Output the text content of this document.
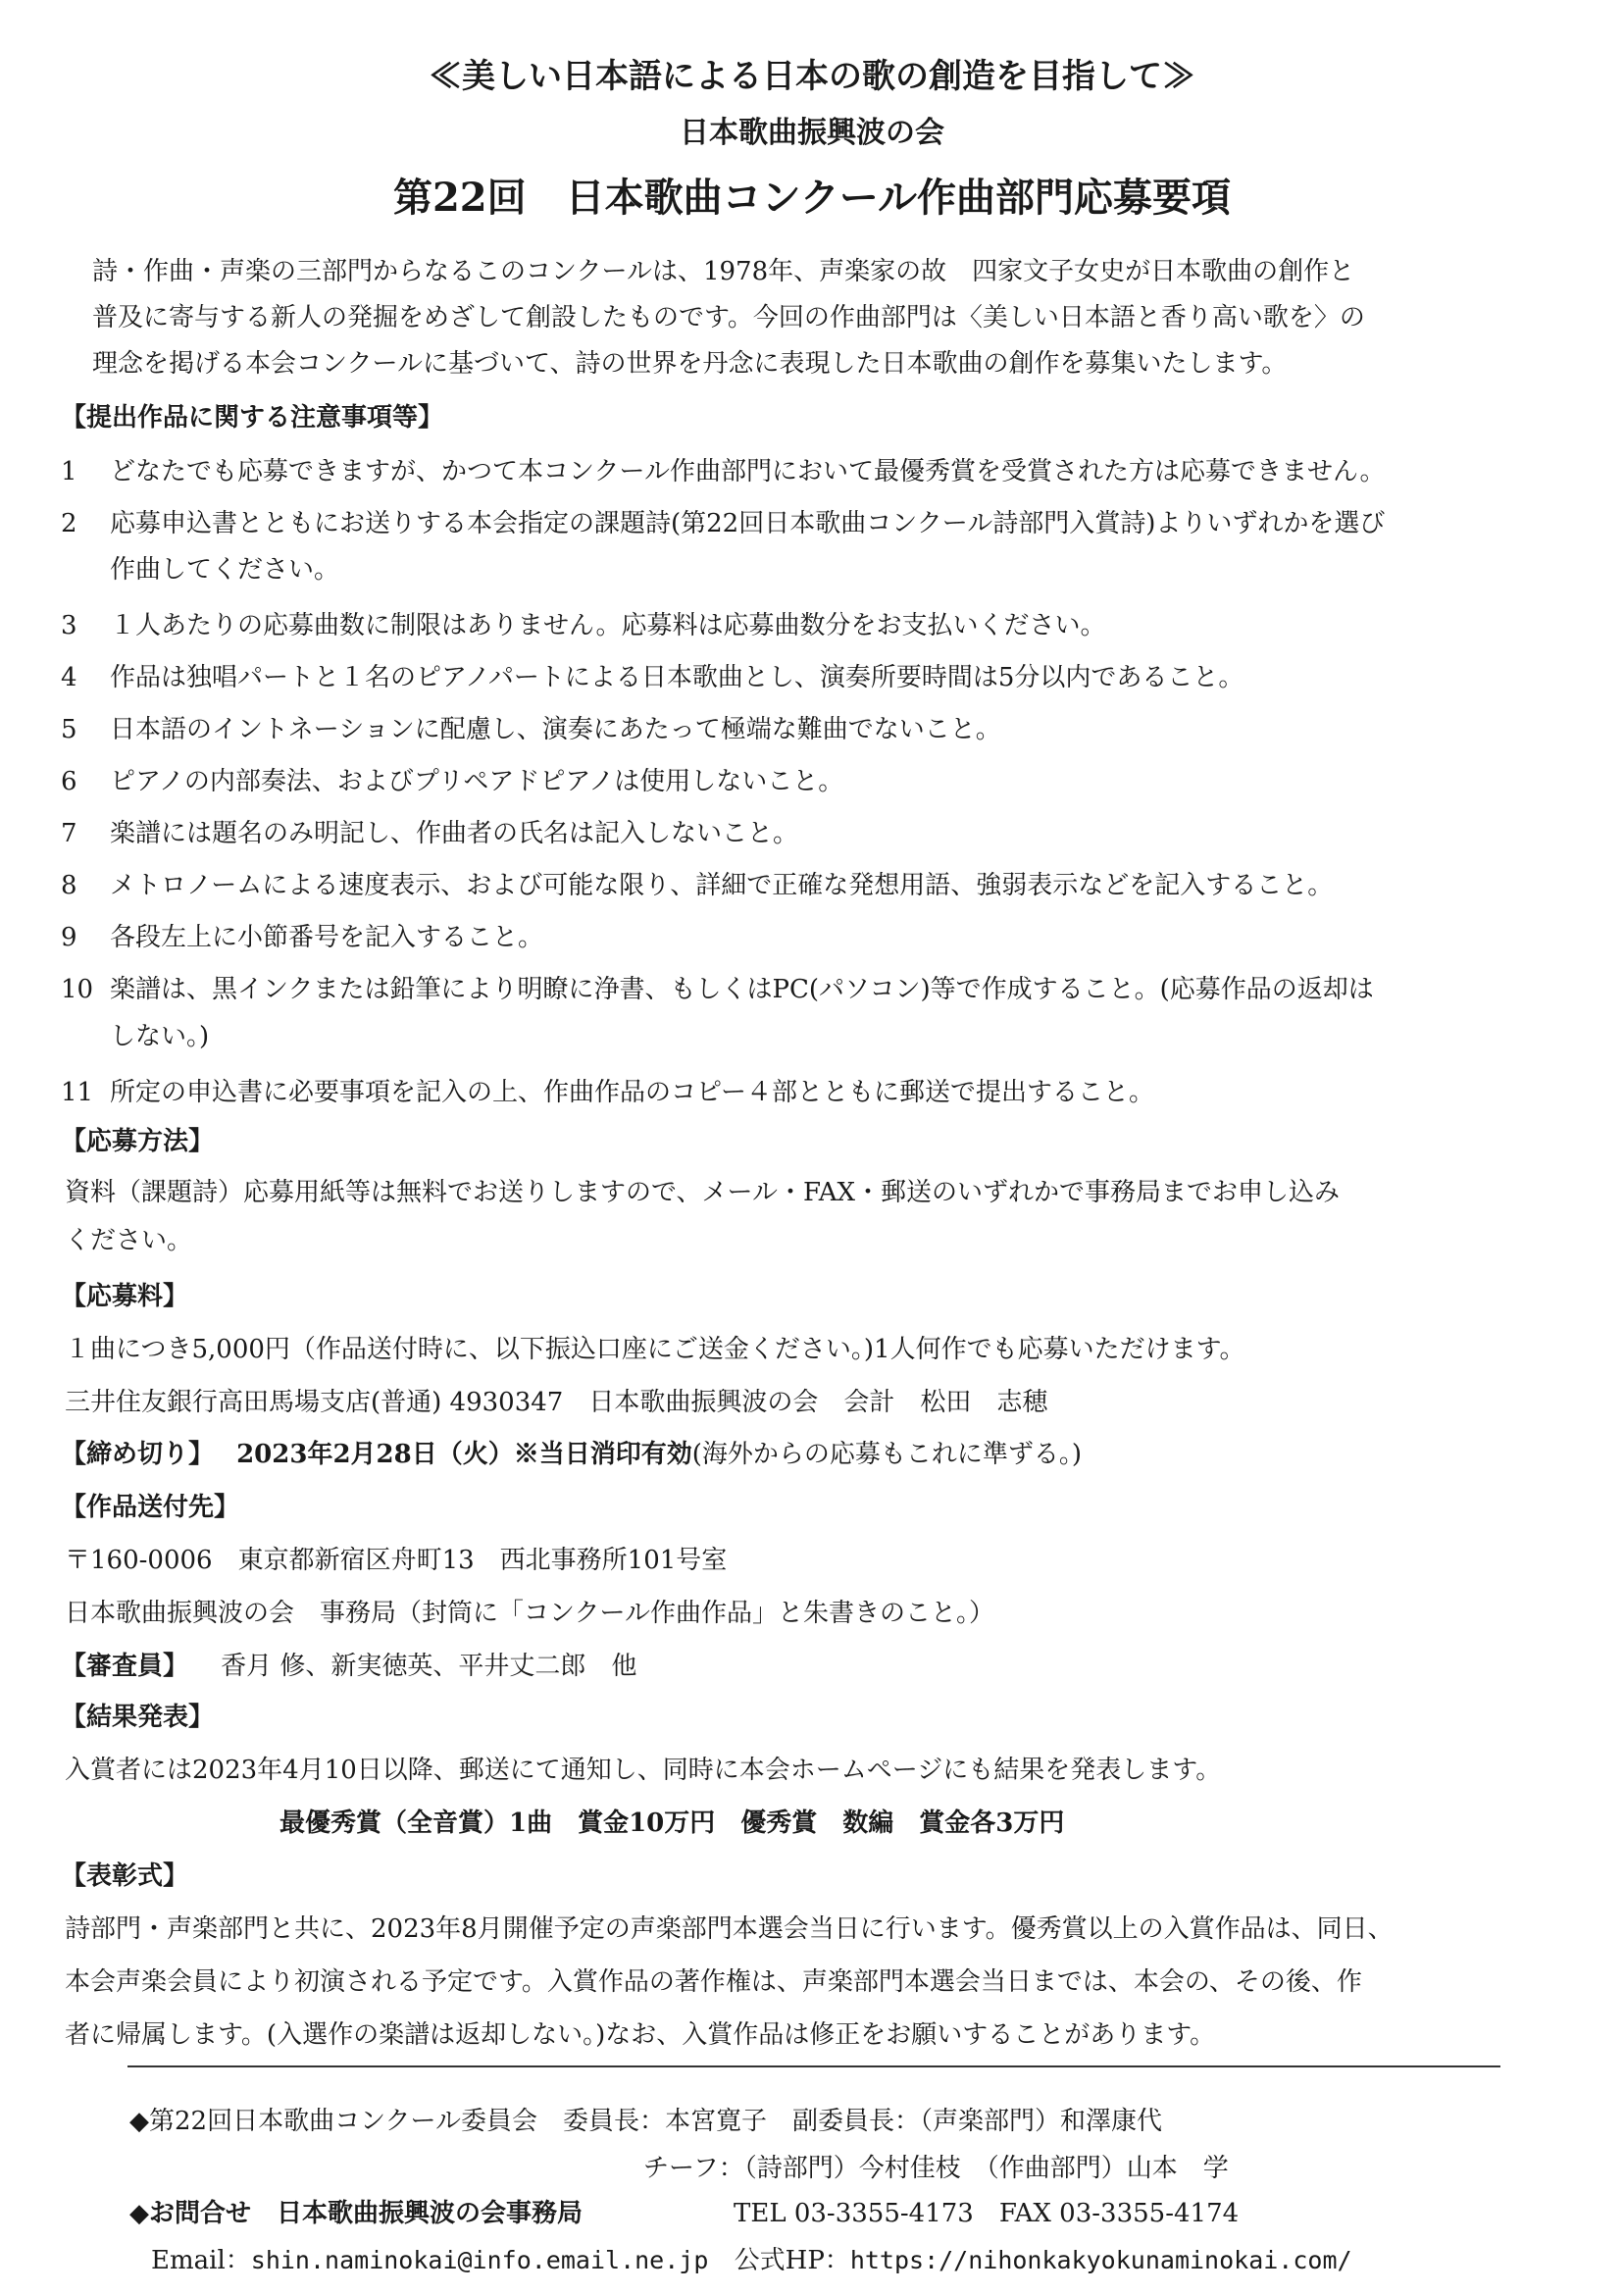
≪美しい日本語による日本の歌の創造を目指して≫
日本歌曲振興波の会
第22回　日本歌曲コンクール作曲部門応募要項
詩・作曲・声楽の三部門からなるこのコンクールは、1978年、声楽家の故　四家文子女史が日本歌曲の創作と
普及に寄与する新人の発掘をめざして創設したものです。今回の作曲部門は〈美しい日本語と香り高い歌を〉の
理念を掲げる本会コンクールに基づいて、詩の世界を丹念に表現した日本歌曲の創作を募集いたします。
【提出作品に関する注意事項等】
1 どなたでも応募できますが、かつて本コンクール作曲部門において最優秀賞を受賞された方は応募できません。
2 応募申込書とともにお送りする本会指定の課題詩(第22回日本歌曲コンクール詩部門入賞詩)よりいずれかを選び
作曲してください。
3 １人あたりの応募曲数に制限はありません。応募料は応募曲数分をお支払いください。
4 作品は独唱パートと１名のピアノパートによる日本歌曲とし、演奏所要時間は5分以内であること。
5 日本語のイントネーションに配慮し、演奏にあたって極端な難曲でないこと。
6 ピアノの内部奏法、およびプリペアドピアノは使用しないこと。
7 楽譜には題名のみ明記し、作曲者の氏名は記入しないこと。
8 メトロノームによる速度表示、および可能な限り、詳細で正確な発想用語、強弱表示などを記入すること。
9 各段左上に小節番号を記入すること。
10 楽譜は、黒インクまたは鉛筆により明瞭に浄書、もしくはPC(パソコン)等で作成すること。(応募作品の返却は
しない。)
11 所定の申込書に必要事項を記入の上、作曲作品のコピー４部とともに郵送で提出すること。
【応募方法】
資料（課題詩）応募用紙等は無料でお送りしますので、メール・FAX・郵送のいずれかで事務局までお申し込み
ください。
【応募料】
１曲につき5,000円（作品送付時に、以下振込口座にご送金ください。)1人何作でも応募いただけます。
三井住友銀行高田馬場支店(普通) 4930347　日本歌曲振興波の会　会計　松田　志穂
【締め切り】 2023年2月28日（火）※当日消印有効(海外からの応募もこれに準ずる。)
【作品送付先】
〒160-0006　東京都新宿区舟町13　西北事務所101号室
日本歌曲振興波の会　事務局（封筒に「コンクール作曲作品」と朱書きのこと。）
【審査員】 香月 修、新実徳英、平井丈二郎　他
【結果発表】
入賞者には2023年4月10日以降、郵送にて通知し、同時に本会ホームページにも結果を発表します。
最優秀賞（全音賞）1曲　賞金10万円　優秀賞　数編　賞金各3万円
【表彰式】
詩部門・声楽部門と共に、2023年8月開催予定の声楽部門本選会当日に行います。優秀賞以上の入賞作品は、同日、
本会声楽会員により初演される予定です。入賞作品の著作権は、声楽部門本選会当日までは、本会の、その後、作
者に帰属します。(入選作の楽譜は返却しない。)なお、入賞作品は修正をお願いすることがあります。
◆第22回日本歌曲コンクール委員会　委員長：本宮寛子　副委員長：（声楽部門）和澤康代
チーフ：（詩部門）今村佳枝　（作曲部門）山本　学
◆お問合せ　日本歌曲振興波の会事務局	TEL 03-3355-4173　FAX 03-3355-4174
Email：shin.naminokai@info.email.ne.jp 公式HP：https://nihonkakyokunaminokai.com/
